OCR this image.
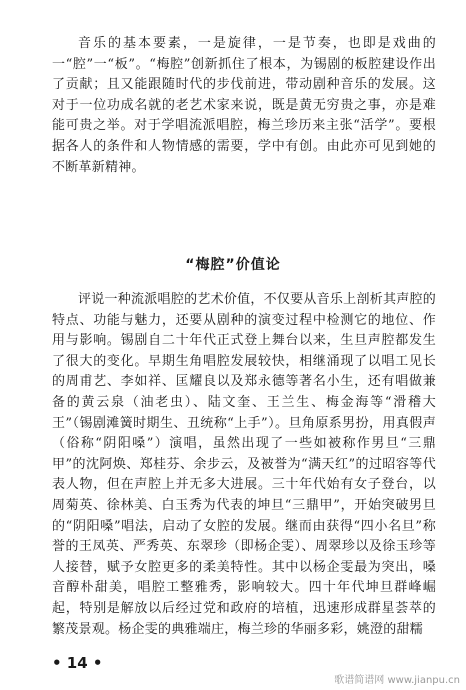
音乐的基本要素，一是旋律，一是节奏，也即是戏曲的一“腔”一“板”。“梅腔”创新抓住了根本，为锡剧的板腔建设作出了贡献；且又能跟随时代的步伐前进，带动剧种音乐的发展。这对于一位功成名就的老艺术家来说，既是黄无穷贵之事，亦是难能可贵之举。对于学唱流派唱腔，梅兰珍历来主张“活学”。要根据各人的条件和人物情感的需要，学中有创。由此亦可见到她的不断革新精神。

“梅腔”价值论

评说一种流派唱腔的艺术价值，不仅要从音乐上剖析其声腔的特点、功能与魅力，还要从剧种的演变过程中检测它的地位、作用与影响。锡剧自二十年代正式登上舞台以来，生旦声腔都发生了很大的变化。早期生角唱腔发展较快，相继涌现了以唱工见长的周甫艺、李如祥、匡耀良以及郑永德等著名小生，还有唱做兼备的黄云泉（油老虫）、陆文奎、王兰生、梅金海等“滑稽大王”（锡剧滩簧时期生、丑统称“上手”）。旦角原系男扮，用真假声（俗称“阴阳嗓”）演唱，虽然出现了一些如被称作男旦“三鼎甲”的沈阿焕、郑桂芬、余步云，及被誉为“满天红”的过昭容等代表人物，但在声腔上并无多大进展。三十年代始有女子登台，以周菊英、徐林美、白玉秀为代表的坤旦“三鼎甲”，开始突破男旦的“阴阳嗓”唱法，启动了女腔的发展。继而由获得“四小名旦”称誉的王凤英、严秀英、东翠珍（即杨企雯）、周翠珍以及徐玉珍等人接替，赋予女腔更多的柔美特性。其中以杨企雯最为突出，嗓音醇朴甜美，唱腔工整雅秀，影响较大。四十年代坤旦群峰崛起，特别是解放以后经过党和政府的培植，迅速形成群星荟萃的繁茂景观。杨企雯的典雅端庄，梅兰珍的华丽多彩，姚澄的甜糯

• 14 •

歌谱简谱网 www.jianpu.cn
